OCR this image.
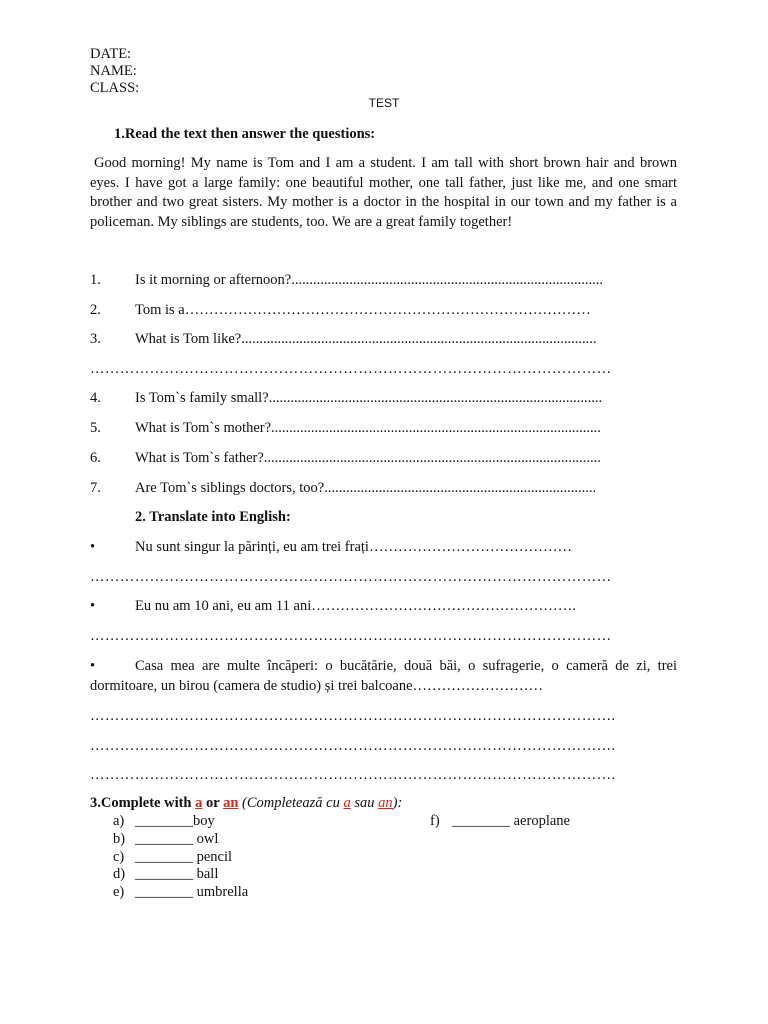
DATE:
NAME:
CLASS:
TEST
1.Read the text then answer the questions:
Good morning! My name is Tom and I am a student. I am tall with short brown hair and brown eyes. I have got a large family: one beautiful mother, one tall father, just like me, and one smart brother and two great sisters. My mother is a doctor in the hospital in our town and my father is a policeman. My siblings are students, too. We are a great family together!
1. Is it morning or afternoon?......................................................................................
2. Tom is a…………………………………………………………………………
3. What is Tom like?..................................................................................................
……………………………………………………………………………………………
4. Is Tom`s family small?............................................................................................
5. What is Tom`s mother?...........................................................................................
6. What is Tom`s father?.............................................................................................
7. Are Tom`s siblings doctors, too?...........................................................................
2. Translate into English:
•	Nu sunt singur la părinți, eu am trei frați……………………………………
……………………………………………………………………………………………
•	Eu nu am 10 ani, eu am 11 ani……………………………………………….
……………………………………………………………………………………………
•	Casa mea are multe încăperi: o bucătărie, două băi, o sufragerie, o cameră de zi, trei dormitoare, un birou (camera de studio) și trei balcoane………………………
…………………………………………………………………………………………….
…………………………………………………………………………………………….
…………………………………………………………………………………………….
3.Complete with a or an (Completează cu a sau an):
a) ________boy
b) ________ owl
c) ________ pencil
d) ________ ball
e) ________ umbrella
f) ________ aeroplane
